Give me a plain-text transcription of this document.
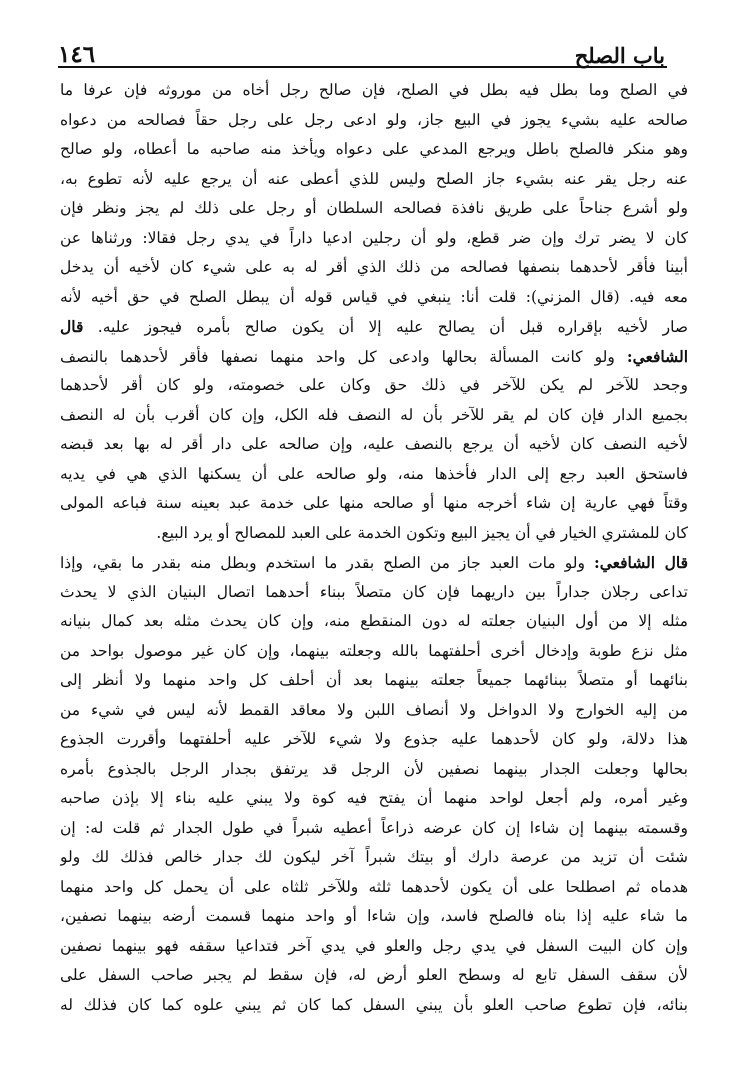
باب الصلح
١٤٦
في الصلح وما بطل فيه بطل في الصلح، فإن صالح رجل أخاه من موروثه فإن عرفا ما
صالحه عليه بشيء يجوز في البيع جاز، ولو ادعى رجل على رجل حقاً فصالحه من دعواه
وهو منكر فالصلح باطل ويرجع المدعي على دعواه ويأخذ منه صاحبه ما أعطاه، ولو صالح
عنه رجل يقر عنه بشيء جاز الصلح وليس للذي أعطى عنه أن يرجع عليه لأنه تطوع به،
ولو أشرع جناحاً على طريق نافذة فصالحه السلطان أو رجل على ذلك لم يجز ونظر فإن
كان لا يضر ترك وإن ضر قطع، ولو أن رجلين ادعيا داراً في يدي رجل فقالا: ورثناها عن
أبينا فأقر لأحدهما بنصفها فصالحه من ذلك الذي أقر له به على شيء كان لأخيه أن يدخل
معه فيه. (قال المزني): قلت أنا: ينبغي في قياس قوله أن يبطل الصلح في حق أخيه لأنه
صار لأخيه بإقراره قبل أن يصالح عليه إلا أن يكون صالح بأمره فيجوز عليه. قال
الشافعي: ولو كانت المسألة بحالها وادعى كل واحد منهما نصفها فأقر لأحدهما بالنصف
وجحد للآخر لم يكن للآخر في ذلك حق وكان على خصومته، ولو كان أقر لأحدهما
بجميع الدار فإن كان لم يقر للآخر بأن له النصف فله الكل، وإن كان أقرب بأن له النصف
لأخيه النصف كان لأخيه أن يرجع بالنصف عليه، وإن صالحه على دار أقر له بها بعد قبضه
فاستحق العبد رجع إلى الدار فأخذها منه، ولو صالحه على أن يسكنها الذي هي في يديه
وقتاً فهي عارية إن شاء أخرجه منها أو صالحه منها على خدمة عبد بعينه سنة فباعه المولى
كان للمشتري الخيار في أن يجيز البيع وتكون الخدمة على العبد للمصالح أو يرد البيع.
قال الشافعي: ولو مات العبد جاز من الصلح بقدر ما استخدم وبطل منه بقدر ما بقي، وإذا
تداعى رجلان جداراً بين داريهما فإن كان متصلاً ببناء أحدهما اتصال البنيان الذي لا يحدث
مثله إلا من أول البنيان جعلته له دون المنقطع منه، وإن كان يحدث مثله بعد كمال بنيانه
مثل نزع طوبة وإدخال أخرى أحلفتهما بالله وجعلته بينهما، وإن كان غير موصول بواحد من
بنائهما أو متصلاً ببنائهما جميعاً جعلته بينهما بعد أن أحلف كل واحد منهما ولا أنظر إلى
من إليه الخوارج ولا الدواخل ولا أنصاف اللبن ولا معاقد القمط لأنه ليس في شيء من
هذا دلالة، ولو كان لأحدهما عليه جذوع ولا شيء للآخر عليه أحلفتهما وأقررت الجذوع
بحالها وجعلت الجدار بينهما نصفين لأن الرجل قد يرتفق بجدار الرجل بالجذوع بأمره
وغير أمره، ولم أجعل لواحد منهما أن يفتح فيه كوة ولا يبني عليه بناء إلا بإذن صاحبه
وقسمته بينهما إن شاءا إن كان عرضه ذراعاً أعطيه شبراً في طول الجدار ثم قلت له: إن
شئت أن تزيد من عرصة دارك أو بيتك شبراً آخر ليكون لك جدار خالص فذلك لك ولو
هدماه ثم اصطلحا على أن يكون لأحدهما ثلثه وللآخر ثلثاه على أن يحمل كل واحد منهما
ما شاء عليه إذا بناه فالصلح فاسد، وإن شاءا أو واحد منهما قسمت أرضه بينهما نصفين،
وإن كان البيت السفل في يدي رجل والعلو في يدي آخر فتداعيا سقفه فهو بينهما نصفين
لأن سقف السفل تابع له وسطح العلو أرض له، فإن سقط لم يجبر صاحب السفل على
بنائه، فإن تطوع صاحب العلو بأن يبني السفل كما كان ثم يبني علوه كما كان فذلك له
